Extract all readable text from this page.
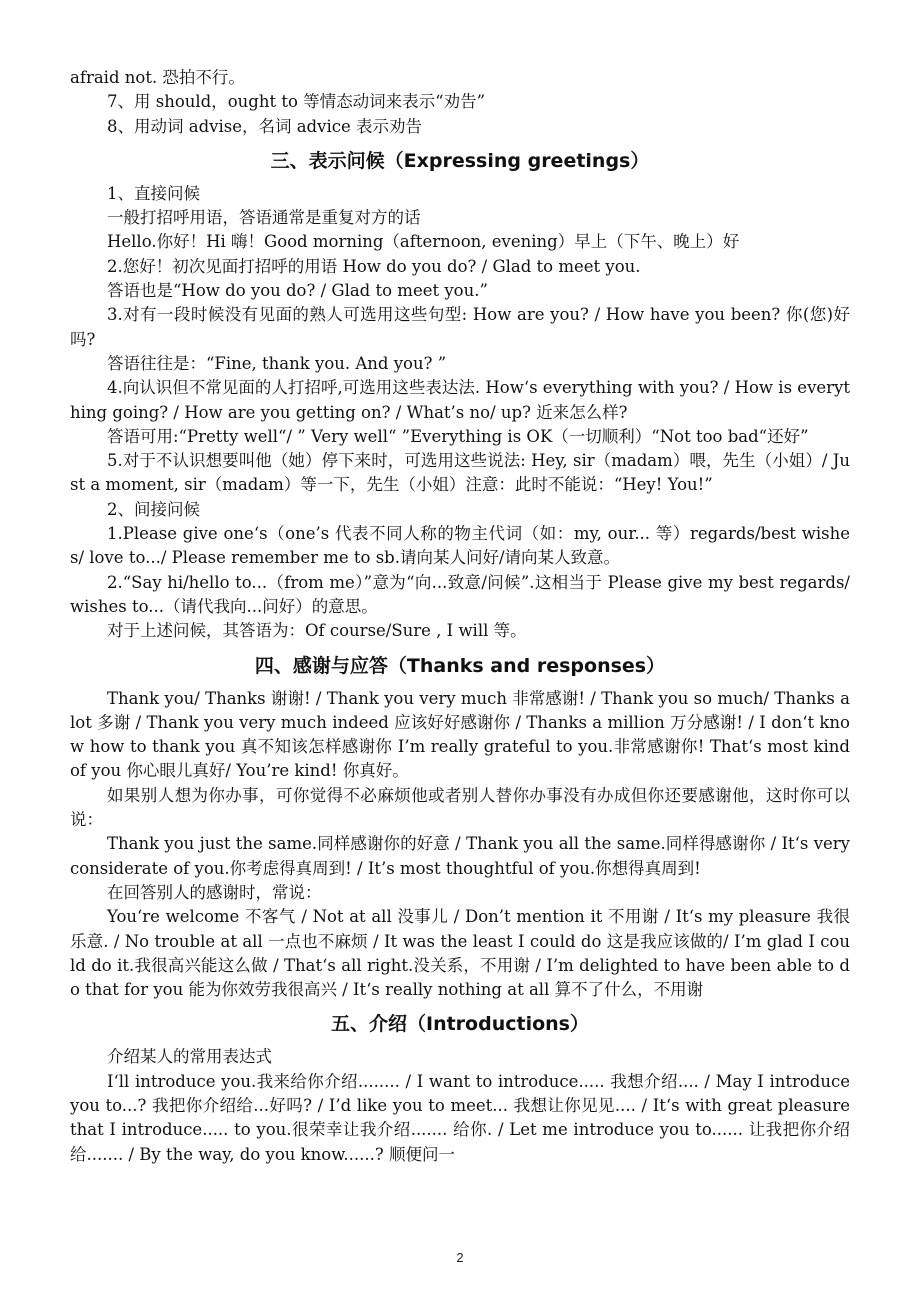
afraid not. 恐拍不行。

7、用 should，ought to 等情态动词来表示“劝告”

8、用动词 advise，名词 advice 表示劝告

三、表示问候（Expressing greetings）

1、直接问候

一般打招呼用语，答语通常是重复对方的话

Hello.你好！Hi 嗨！Good morning（afternoon, evening）早上（下午、晚上）好

2.您好！初次见面打招呼的用语 How do you do? / Glad to meet you.

答语也是“How do you do? / Glad to meet you.”

3.对有一段时候没有见面的熟人可选用这些句型: How are you? / How have you been? 你(您)好吗?

答语往往是：“Fine, thank you. And you? ”

4.向认识但不常见面的人打招呼,可选用这些表达法. How‘s everything with you? / How is everything going? / How are you getting on? / What’s no/ up? 近来怎么样?

答语可用:“Pretty well“/ ” Very well“ ”Everything is OK（一切顺利）“Not too bad“还好”

5.对于不认识想要叫他（她）停下来时，可选用这些说法: Hey, sir（madam）喂，先生（小姐）/ Just a moment, sir（madam）等一下，先生（小姐）注意：此时不能说：“Hey! You!”

2、间接问候

1.Please give one‘s（one’s 代表不同人称的物主代词（如：my, our... 等）regards/best wishes/ love to.../ Please remember me to sb.请向某人问好/请向某人致意。

2.“Say hi/hello to...（from me）”意为“向...致意/问候”.这相当于 Please give my best regards/wishes to...（请代我向...问好）的意思。

对于上述问候，其答语为：Of course/Sure , I will 等。

四、感谢与应答（Thanks and responses）

Thank you/ Thanks 谢谢! / Thank you very much 非常感谢! / Thank you so much/ Thanks a lot 多谢 / Thank you very much indeed 应该好好感谢你 / Thanks a million 万分感谢! / I don‘t know how to thank you 真不知该怎样感谢你 I’m really grateful to you.非常感谢你! That‘s most kind of you 你心眼儿真好/ You’re kind! 你真好。

如果别人想为你办事，可你觉得不必麻烦他或者别人替你办事没有办成但你还要感谢他，这时你可以说：

Thank you just the same.同样感谢你的好意 / Thank you all the same.同样得感谢你 / It‘s very considerate of you.你考虑得真周到! / It’s most thoughtful of you.你想得真周到!

在回答别人的感谢时，常说：

You‘re welcome 不客气 / Not at all 没事儿 / Don’t mention it 不用谢 / It‘s my pleasure 我很乐意. / No trouble at all 一点也不麻烦 / It was the least I could do 这是我应该做的/ I’m glad I could do it.我很高兴能这么做 / That‘s all right.没关系，不用谢 / I’m delighted to have been able to do that for you 能为你效劳我很高兴 / It‘s really nothing at all 算不了什么，不用谢

五、介绍（Introductions）

介绍某人的常用表达式

I‘ll introduce you.我来给你介绍........ / I want to introduce..... 我想介绍.... / May I introduce you to...? 我把你介绍给...好吗? / I’d like you to meet... 我想让你见见.... / It‘s with great pleasure that I introduce..... to you.很荣幸让我介绍....... 给你. / Let me introduce you to...... 让我把你介绍给....... / By the way, do you know......? 顺便问一

2
